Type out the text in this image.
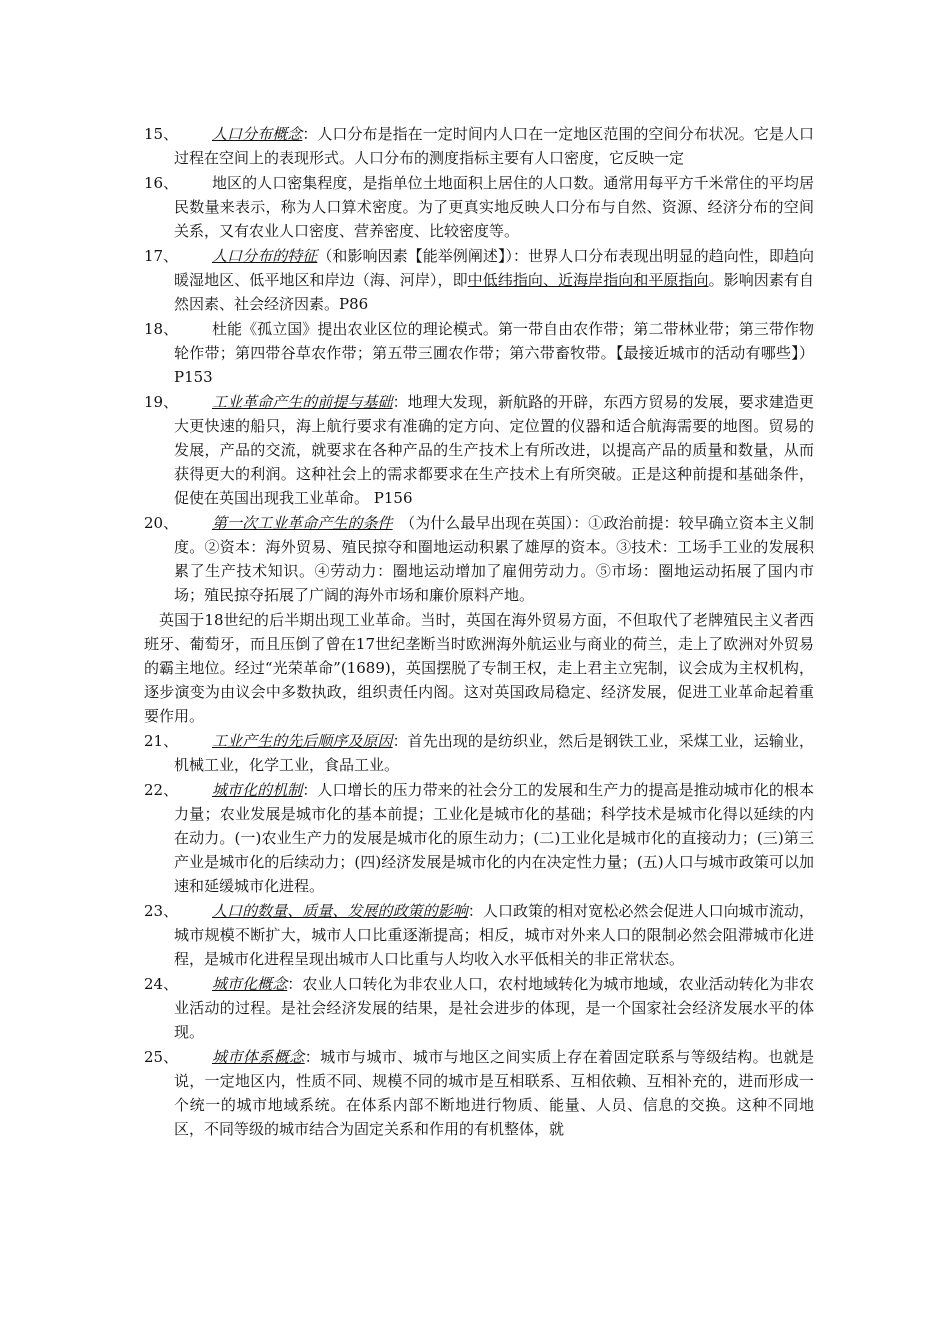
15、	人口分布概念：人口分布是指在一定时间内人口在一定地区范围的空间分布状况。它是人口过程在空间上的表现形式。人口分布的测度指标主要有人口密度，它反映一定
16、	地区的人口密集程度，是指单位土地面积上居住的人口数。通常用每平方千米常住的平均居民数量来表示，称为人口算术密度。为了更真实地反映人口分布与自然、资源、经济分布的空间关系，又有农业人口密度、营养密度、比较密度等。
17、	人口分布的特征（和影响因素【能举例阐述】）：世界人口分布表现出明显的趋向性，即趋向暖湿地区、低平地区和岸边（海、河岸），即中低纬指向、近海岸指向和平原指向。影响因素有自然因素、社会经济因素。P86
18、	杜能《孤立国》提出农业区位的理论模式。第一带自由农作带；第二带林业带；第三带作物轮作带；第四带谷草农作带；第五带三圃农作带；第六带畜牧带。【最接近城市的活动有哪些】）P153
19、	工业革命产生的前提与基础：地理大发现，新航路的开辟，东西方贸易的发展，要求建造更大更快速的船只，海上航行要求有准确的定方向、定位置的仪器和适合航海需要的地图。贸易的发展，产品的交流，就要求在各种产品的生产技术上有所改进，以提高产品的质量和数量，从而获得更大的利润。这种社会上的需求都要求在生产技术上有所突破。正是这种前提和基础条件，促使在英国出现我工业革命。 P156
20、	第一次工业革命产生的条件　（为什么最早出现在英国）：①政治前提：较早确立资本主义制度。②资本：海外贸易、殖民掠夺和圈地运动积累了雄厚的资本。③技术：工场手工业的发展积累了生产技术知识。④劳动力：圈地运动增加了雇佣劳动力。⑤市场：圈地运动拓展了国内市场；殖民掠夺拓展了广阔的海外市场和廉价原料产地。
英国于18世纪的后半期出现工业革命。当时，英国在海外贸易方面，不但取代了老牌殖民主义者西班牙、葡萄牙，而且压倒了曾在17世纪垄断当时欧洲海外航运业与商业的荷兰，走上了欧洲对外贸易的霸主地位。经过“光荣革命”(1689)，英国摆脱了专制王权，走上君主立宪制，议会成为主权机构，逐步演变为由议会中多数执政，组织责任内阁。这对英国政局稳定、经济发展，促进工业革命起着重要作用。
21、	工业产生的先后顺序及原因：首先出现的是纺织业，然后是钢铁工业，采煤工业，运输业，机械工业，化学工业，食品工业。
22、	城市化的机制：人口增长的压力带来的社会分工的发展和生产力的提高是推动城市化的根本力量；农业发展是城市化的基本前提；工业化是城市化的基础；科学技术是城市化得以延续的内在动力。(一)农业生产力的发展是城市化的原生动力；(二)工业化是城市化的直接动力；(三)第三产业是城市化的后续动力；(四)经济发展是城市化的内在决定性力量；(五)人口与城市政策可以加速和延缓城市化进程。
23、	人口的数量、质量、发展的政策的影响：人口政策的相对宽松必然会促进人口向城市流动，城市规模不断扩大，城市人口比重逐渐提高；相反，城市对外来人口的限制必然会阻滞城市化进程，是城市化进程呈现出城市人口比重与人均收入水平低相关的非正常状态。
24、	城市化概念：农业人口转化为非农业人口，农村地域转化为城市地域，农业活动转化为非农业活动的过程。是社会经济发展的结果，是社会进步的体现，是一个国家社会经济发展水平的体现。
25、	城市体系概念：城市与城市、城市与地区之间实质上存在着固定联系与等级结构。也就是说，一定地区内，性质不同、规模不同的城市是互相联系、互相依赖、互相补充的，进而形成一个统一的城市地域系统。在体系内部不断地进行物质、能量、人员、信息的交换。这种不同地区，不同等级的城市结合为固定关系和作用的有机整体，就
